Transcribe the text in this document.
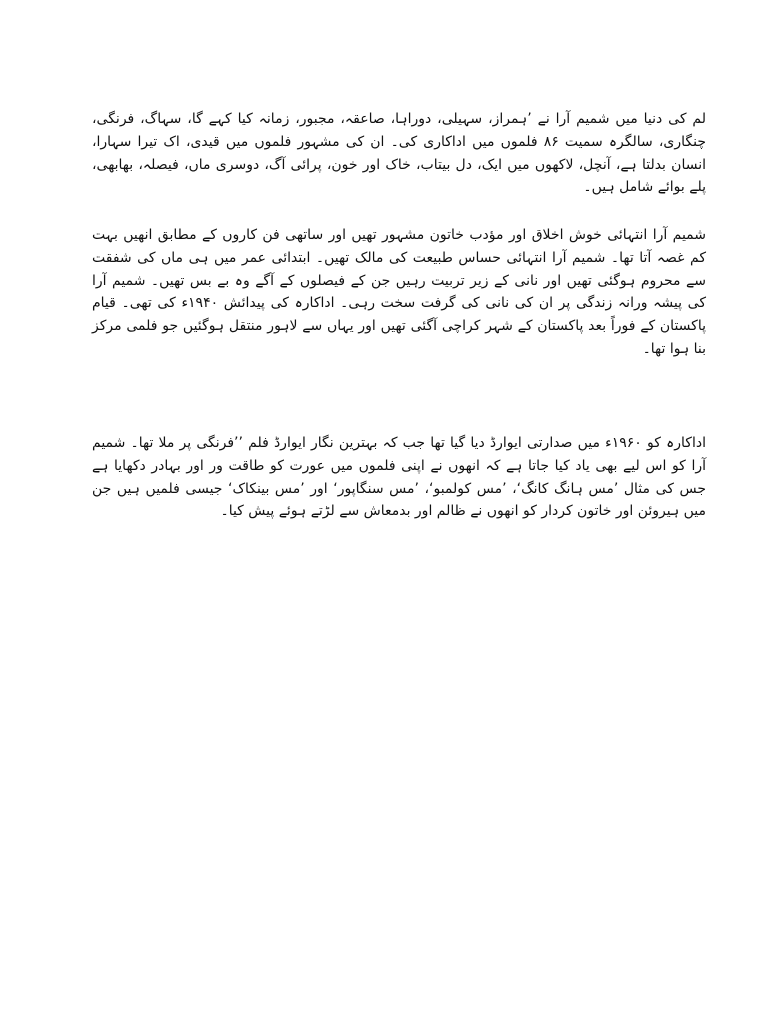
لم کی دنیا میں شمیم آرا نے ’ہمراز، سہیلی، دوراہا، صاعقہ، مجبور، زمانہ کیا کہے گا، سہاگ، فرنگی، چنگاری، سالگرہ سمیت ۸۶ فلموں میں اداکاری کی۔ ان کی مشہور فلموں میں قیدی، اک تیرا سہارا، انسان بدلتا ہے، آنچل، لاکھوں میں ایک، دل بیتاب، خاک اور خون، پرائی آگ، دوسری ماں، فیصلہ، بھابھی، پلے بوائے شامل ہیں۔

شمیم آرا انتہائی خوش اخلاق اور مؤدب خاتون مشہور تھیں اور ساتھی فن کاروں کے مطابق انھیں بہت کم غصہ آتا تھا۔ شمیم آرا انتہائی حساس طبیعت کی مالک تھیں۔ ابتدائی عمر میں ہی ماں کی شفقت سے محروم ہوگئی تھیں اور نانی کے زیر تربیت رہیں جن کے فیصلوں کے آگے وہ بے بس تھیں۔ شمیم آرا کی پیشہ ورانہ زندگی پر ان کی نانی کی گرفت سخت رہی۔ اداکارہ کی پیدائش ۱۹۴۰ء کی تھی۔ قیام پاکستان کے فوراً بعد پاکستان کے شہر کراچی آگئی تھیں اور یہاں سے لاہور منتقل ہوگئیں جو فلمی مرکز بنا ہوا تھا۔

اداکارہ کو ۱۹۶۰ء میں صدارتی ایوارڈ دیا گیا تھا جب کہ بہترین نگار ایوارڈ فلم ’’فرنگی پر ملا تھا۔ شمیم آرا کو اس لیے بھی یاد کیا جاتا ہے کہ انھوں نے اپنی فلموں میں عورت کو طاقت ور اور بہادر دکھایا ہے جس کی مثال ’مس ہانگ کانگ‘، ’مس کولمبو‘، ’مس سنگاپور‘ اور ’مس بینکاک‘ جیسی فلمیں ہیں جن میں ہیروئن اور خاتون کردار کو انھوں نے ظالم اور بدمعاش سے لڑتے ہوئے پیش کیا۔
